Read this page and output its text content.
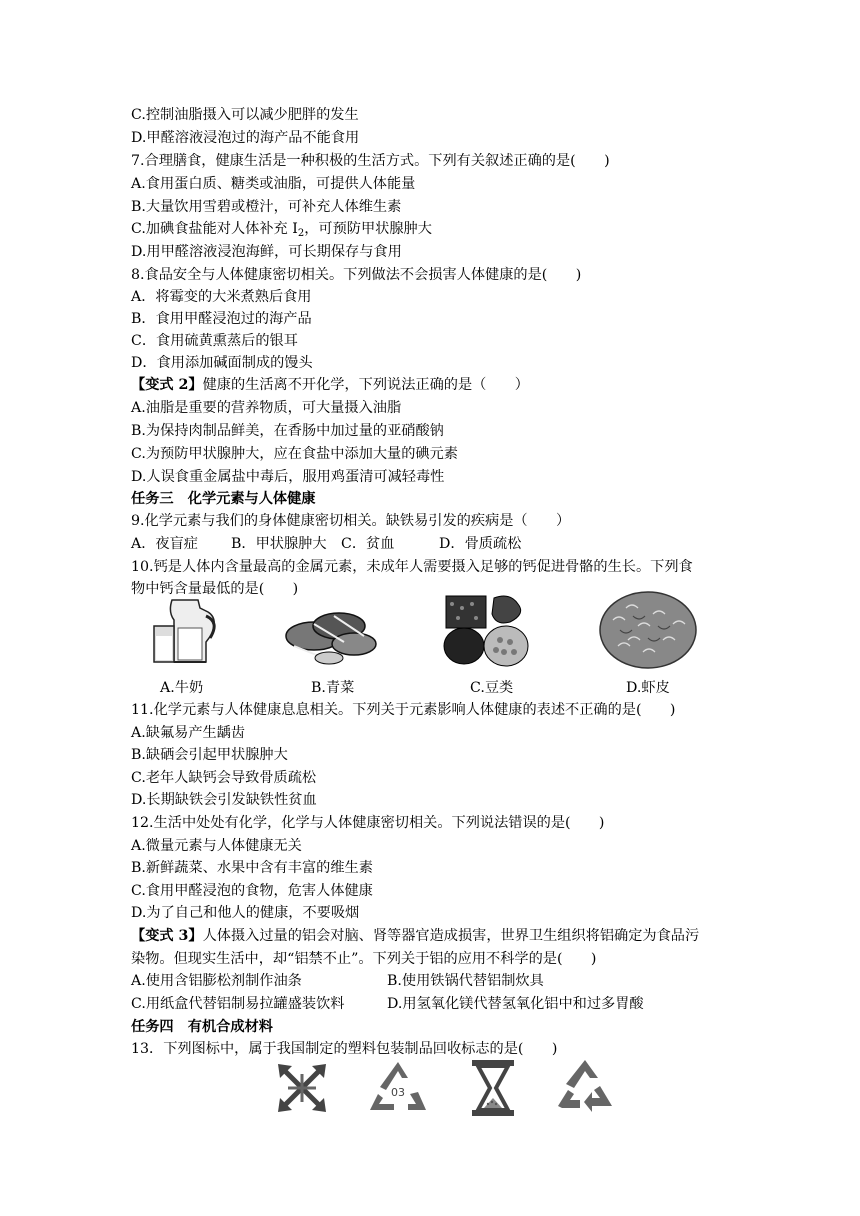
C.控制油脂摄入可以减少肥胖的发生
D.甲醛溶液浸泡过的海产品不能食用
7.合理膳食，健康生活是一种积极的生活方式。下列有关叙述正确的是(　　)
A.食用蛋白质、糖类或油脂，可提供人体能量
B.大量饮用雪碧或橙汁，可补充人体维生素
C.加碘食盐能对人体补充 $I_2$，可预防甲状腺肿大
D.用甲醛溶液浸泡海鲜，可长期保存与食用
8.食品安全与人体健康密切相关。下列做法不会损害人体健康的是(　　)
A．将霉变的大米煮熟后食用
B．食用甲醛浸泡过的海产品
C．食用硫黄熏蒸后的银耳
D．食用添加碱面制成的馒头
【变式 2】健康的生活离不开化学，下列说法正确的是（　　）
A.油脂是重要的营养物质，可大量摄入油脂
B.为保持肉制品鲜美，在香肠中加过量的亚硝酸钠
C.为预防甲状腺肿大，应在食盐中添加大量的碘元素
D.人误食重金属盐中毒后，服用鸡蛋清可减轻毒性
任务三　化学元素与人体健康
9.化学元素与我们的身体健康密切相关。缺铁易引发的疾病是（　　）
A．夜盲症 B．甲状腺肿大 C．贫血	D．骨质疏松
10.钙是人体内含量最高的金属元素，未成年人需要摄入足够的钙促进骨骼的生长。下列食
物中钙含量最低的是(　　)
A.牛奶	B.青菜	C.豆类	D.虾皮
11.化学元素与人体健康息息相关。下列关于元素影响人体健康的表述不正确的是(　　)
A.缺氟易产生龋齿
B.缺硒会引起甲状腺肿大
C.老年人缺钙会导致骨质疏松
D.长期缺铁会引发缺铁性贫血
12.生活中处处有化学，化学与人体健康密切相关。下列说法错误的是(　　)
A.微量元素与人体健康无关
B.新鲜蔬菜、水果中含有丰富的维生素
C.食用甲醛浸泡的食物，危害人体健康
D.为了自己和他人的健康，不要吸烟
【变式 3】人体摄入过量的铝会对脑、肾等器官造成损害，世界卫生组织将铝确定为食品污
染物。但现实生活中，却“铝禁不止”。下列关于铝的应用不科学的是(　　)
A.使用含铝膨松剂制作油条	B.使用铁锅代替铝制炊具
C.用纸盒代替铝制易拉罐盛装饮料	D.用氢氧化镁代替氢氧化铝中和过多胃酸
任务四　有机合成材料
13．下列图标中，属于我国制定的塑料包装制品回收标志的是(　　)
03
